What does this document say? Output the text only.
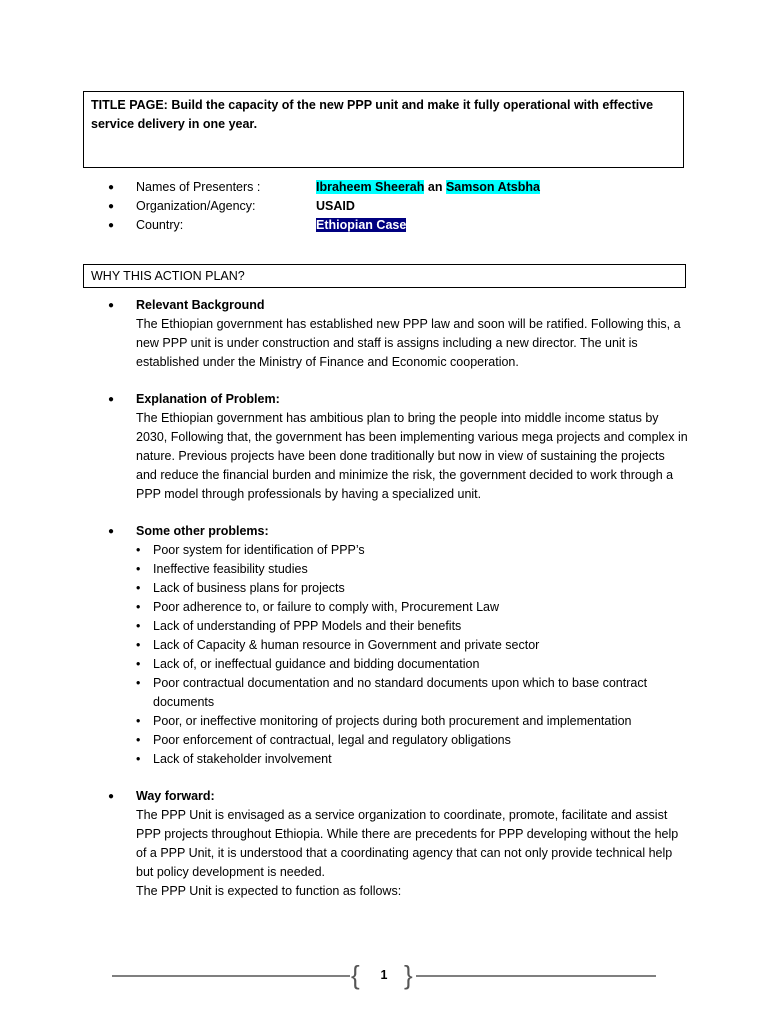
TITLE PAGE: Build the capacity of the new PPP unit and make it fully operational with effective service delivery in one year.
● Names of Presenters :	Ibraheem Sheerah an Samson Atsbha
● Organization/Agency:	USAID
● Country:	Ethiopian Case
WHY THIS ACTION PLAN?
● Relevant Background

The Ethiopian government has established new PPP law and soon will be ratified. Following this, a new PPP unit is under construction and staff is assigns including a new director. The unit is established under the Ministry of Finance and Economic cooperation.

● Explanation of Problem:

The Ethiopian government has ambitious plan to bring the people into middle income status by 2030, Following that, the government has been implementing various mega projects and complex in nature. Previous projects have been done traditionally but now in view of sustaining the projects and reduce the financial burden and minimize the risk, the government decided to work through a PPP model through professionals by having a specialized unit.

● Some other problems:
• Poor system for identification of PPP’s
• Ineffective feasibility studies
• Lack of business plans for projects
• Poor adherence to, or failure to comply with, Procurement Law
• Lack of understanding of PPP Models and their benefits
• Lack of Capacity & human resource in Government and private sector
• Lack of, or ineffectual guidance and bidding documentation
• Poor contractual documentation and no standard documents upon which to base contract documents
• Poor, or ineffective monitoring of projects during both procurement and implementation
• Poor enforcement of contractual, legal and regulatory obligations
• Lack of stakeholder involvement
● Way forward:

The PPP Unit is envisaged as a service organization to coordinate, promote, facilitate and assist PPP projects throughout Ethiopia. While there are precedents for PPP developing without the help of a PPP Unit, it is understood that a coordinating agency that can not only provide technical help but policy development is needed.

The PPP Unit is expected to function as follows:

{	1 }
